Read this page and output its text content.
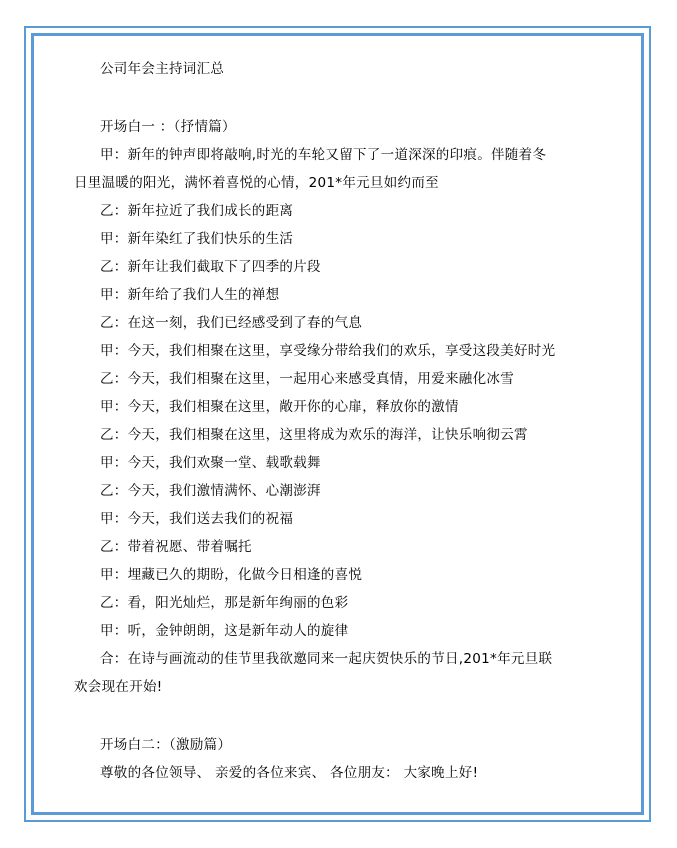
公司年会主持词汇总
开场白一 ：（抒情篇）
甲：新年的钟声即将敲响,时光的车轮又留下了一道深深的印痕。伴随着冬
日里温暖的阳光，满怀着喜悦的心情，201*年元旦如约而至
乙：新年拉近了我们成长的距离
甲：新年染红了我们快乐的生活
乙：新年让我们截取下了四季的片段
甲：新年给了我们人生的禅想
乙：在这一刻，我们已经感受到了春的气息
甲：今天，我们相聚在这里，享受缘分带给我们的欢乐，享受这段美好时光
乙：今天，我们相聚在这里，一起用心来感受真情，用爱来融化冰雪
甲：今天，我们相聚在这里，敞开你的心扉，释放你的激情
乙：今天，我们相聚在这里，这里将成为欢乐的海洋，让快乐响彻云霄
甲：今天，我们欢聚一堂、载歌载舞
乙：今天，我们激情满怀、心潮澎湃
甲：今天，我们送去我们的祝福
乙：带着祝愿、带着嘱托
甲：埋藏已久的期盼，化做今日相逢的喜悦
乙：看，阳光灿烂，那是新年绚丽的色彩
甲：听，金钟朗朗，这是新年动人的旋律
合：在诗与画流动的佳节里我欲邀同来一起庆贺快乐的节日,201*年元旦联
欢会现在开始!
开场白二：（激励篇）
尊敬的各位领导、 亲爱的各位来宾、 各位朋友： 大家晚上好!
